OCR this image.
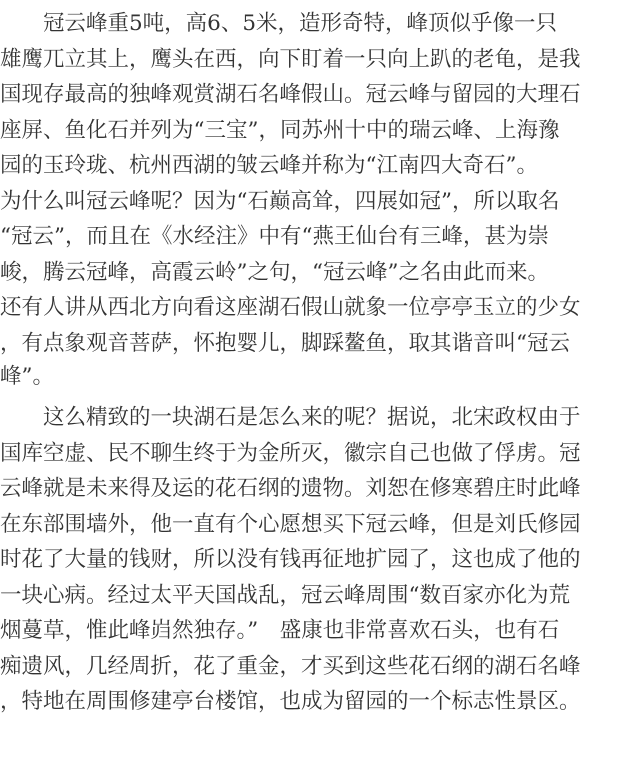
　　冠云峰重5吨，高6、5米，造形奇特，峰顶似乎像一只
雄鹰兀立其上，鹰头在西，向下盯着一只向上趴的老龟，是我
国现存最高的独峰观赏湖石名峰假山。冠云峰与留园的大理石
座屏、鱼化石并列为“三宝”，同苏州十中的瑞云峰、上海豫
园的玉玲珑、杭州西湖的皱云峰并称为“江南四大奇石”。
为什么叫冠云峰呢？因为“石巅高耸，四展如冠”，所以取名
“冠云”，而且在《水经注》中有“燕王仙台有三峰，甚为崇
峻，腾云冠峰，高霞云岭”之句，“冠云峰”之名由此而来。
还有人讲从西北方向看这座湖石假山就象一位亭亭玉立的少女
，有点象观音菩萨，怀抱婴儿，脚踩鳌鱼，取其谐音叫“冠云
峰”。
　　这么精致的一块湖石是怎么来的呢？据说，北宋政权由于
国库空虚、民不聊生终于为金所灭，徽宗自己也做了俘虏。冠
云峰就是未来得及运的花石纲的遗物。刘恕在修寒碧庄时此峰
在东部围墙外，他一直有个心愿想买下冠云峰，但是刘氏修园
时花了大量的钱财，所以没有钱再征地扩园了，这也成了他的
一块心病。经过太平天国战乱，冠云峰周围“数百家亦化为荒
烟蔓草，惟此峰岿然独存。”　盛康也非常喜欢石头，也有石
痴遗风，几经周折，花了重金，才买到这些花石纲的湖石名峰
，特地在周围修建亭台楼馆，也成为留园的一个标志性景区。
